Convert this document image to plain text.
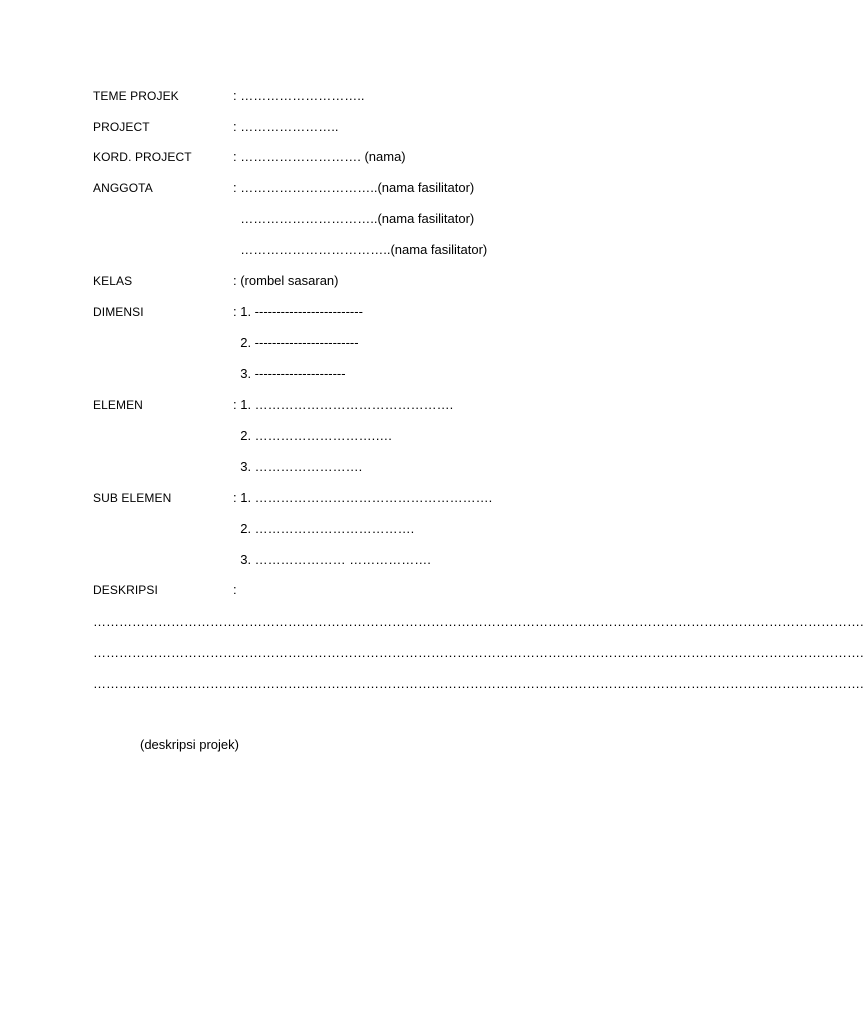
TEME PROJEK	: ………………………..
PROJECT	: …………………..
KORD. PROJECT	: ………………………. (nama)
ANGGOTA	: …………………………..(nama fasilitator)
…………………………..(nama fasilitator)
……………………………..(nama fasilitator)
KELAS	: (rombel sasaran)
DIMENSI	: 1. -------------------------
2. ------------------------
3. ---------------------
ELEMEN	: 1. ……………………………………….
2. ……………………….….
3. …………………….
SUB ELEMEN	: 1. ……………………………………………….
2. ……………………………….
3. ………………… ……………….
DESKRIPSI	:
…………………………………………………………………………………………………………………………………………………………….
…………………………………………………………………………………………………………………………………………………………….
…………………………………………………………………………………………………………………………………………………………….
(deskripsi projek)
